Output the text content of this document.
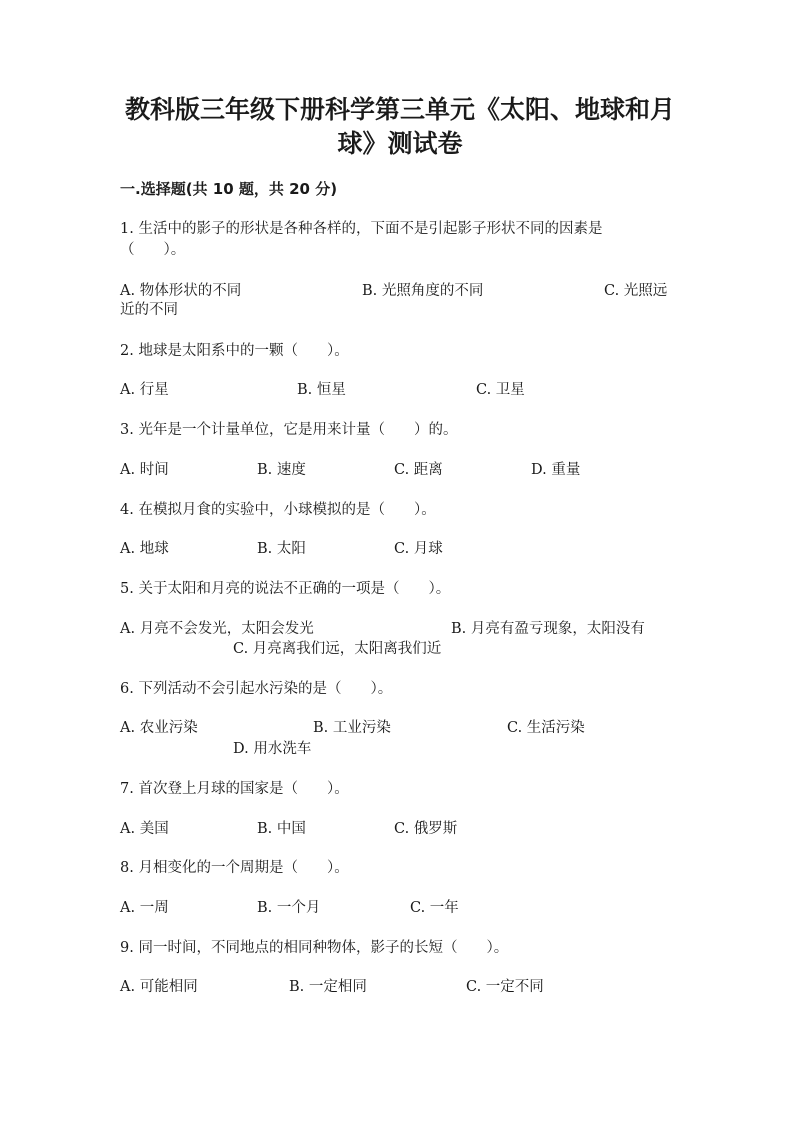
教科版三年级下册科学第三单元《太阳、地球和月
球》测试卷
一.选择题(共 10 题，共 20 分)
1. 生活中的影子的形状是各种各样的，下面不是引起影子形状不同的因素是
（　　）。
A. 物体形状的不同	B. 光照角度的不同	C. 光照远
近的不同
2. 地球是太阳系中的一颗（　　）。
A. 行星	B. 恒星	C. 卫星
3. 光年是一个计量单位，它是用来计量（　　）的。
A. 时间	B. 速度	C. 距离	D. 重量
4. 在模拟月食的实验中，小球模拟的是（　　）。
A. 地球	B. 太阳	C. 月球
5. 关于太阳和月亮的说法不正确的一项是（　　）。
A. 月亮不会发光，太阳会发光	B. 月亮有盈亏现象，太阳没有
C. 月亮离我们远，太阳离我们近
6. 下列活动不会引起水污染的是（　　）。
A. 农业污染	B. 工业污染	C. 生活污染
D. 用水洗车
7. 首次登上月球的国家是（　　）。
A. 美国	B. 中国	C. 俄罗斯
8. 月相变化的一个周期是（　　）。
A. 一周	B. 一个月	C. 一年
9. 同一时间，不同地点的相同种物体，影子的长短（　　）。
A. 可能相同	B. 一定相同	C. 一定不同
